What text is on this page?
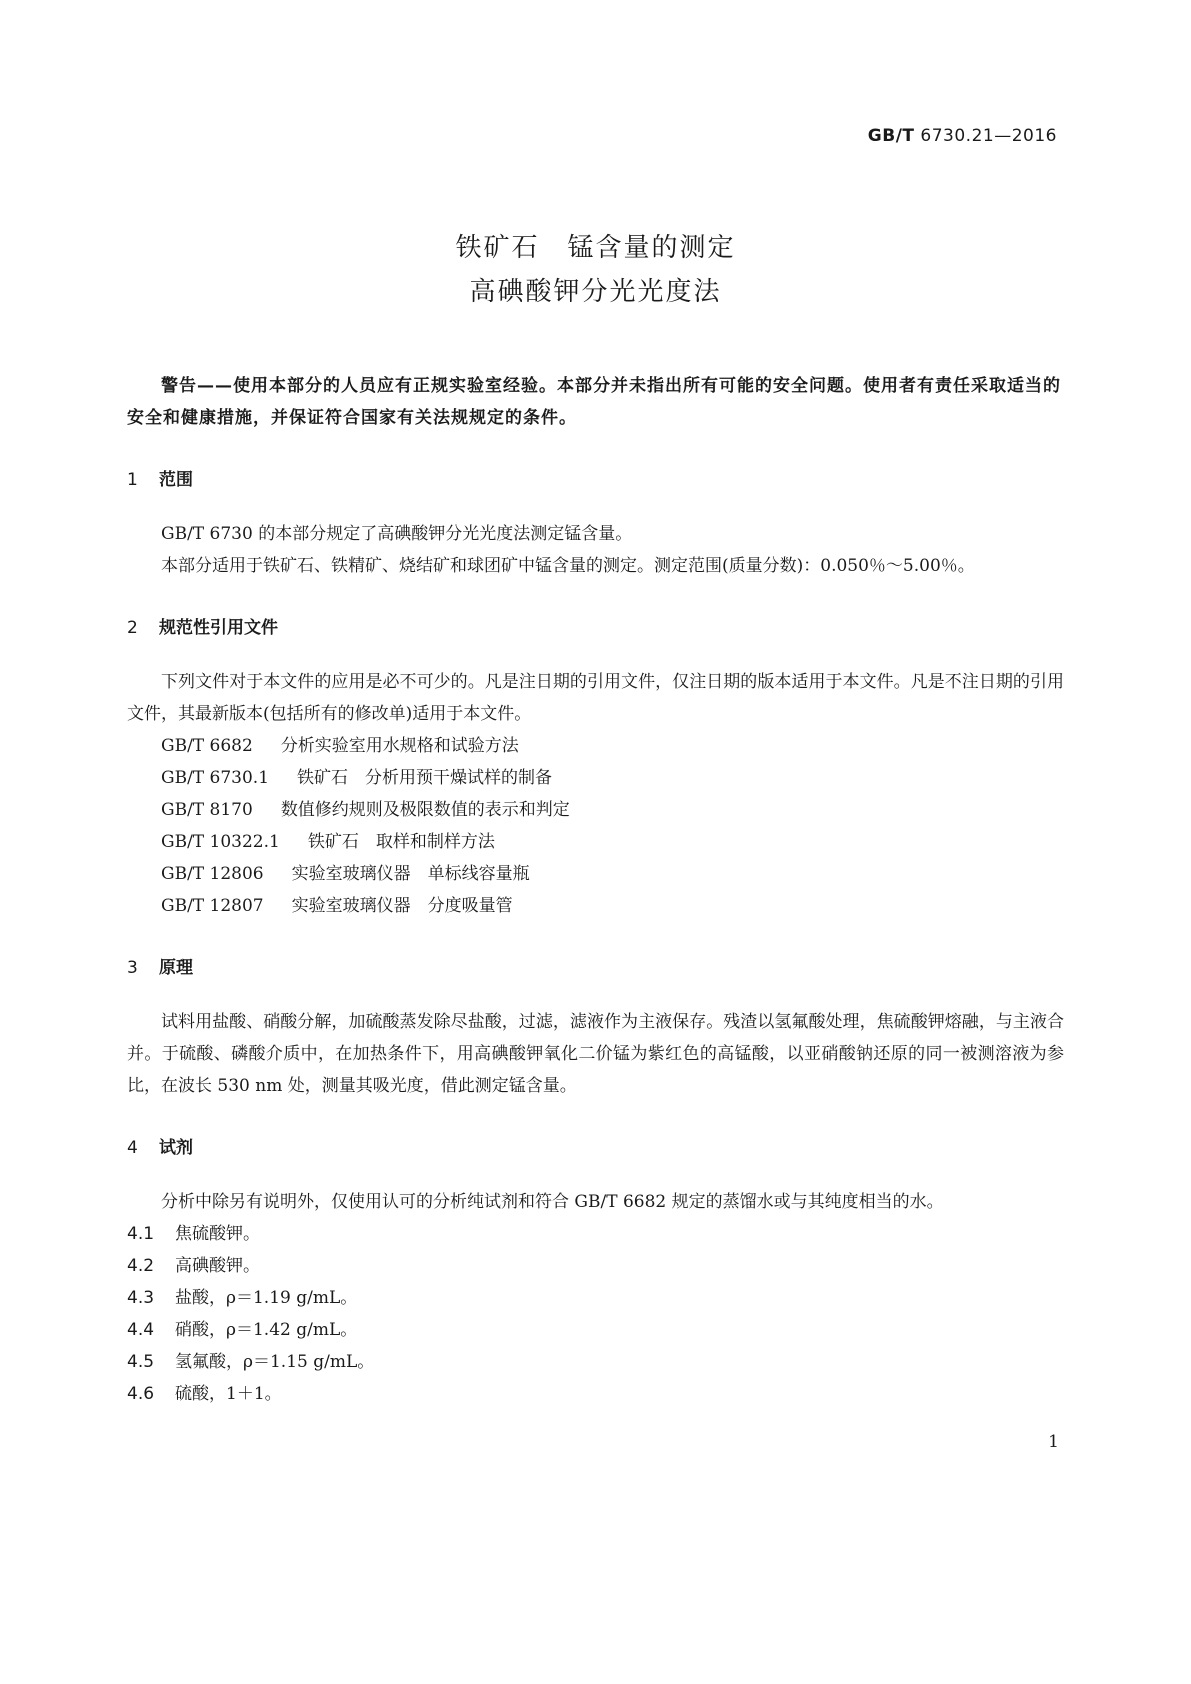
GB/T 6730.21—2016
铁矿石　锰含量的测定
高碘酸钾分光光度法

警告——使用本部分的人员应有正规实验室经验。本部分并未指出所有可能的安全问题。使用者有责任采取适当的安全和健康措施，并保证符合国家有关法规规定的条件。

1 范围

GB/T 6730 的本部分规定了高碘酸钾分光光度法测定锰含量。

本部分适用于铁矿石、铁精矿、烧结矿和球团矿中锰含量的测定。测定范围(质量分数)：0.050％～5.00％。

2 规范性引用文件

下列文件对于本文件的应用是必不可少的。凡是注日期的引用文件，仅注日期的版本适用于本文件。凡是不注日期的引用文件，其最新版本(包括所有的修改单)适用于本文件。

GB/T 6682 分析实验室用水规格和试验方法

GB/T 6730.1 铁矿石　分析用预干燥试样的制备

GB/T 8170 数值修约规则及极限数值的表示和判定

GB/T 10322.1 铁矿石　取样和制样方法

GB/T 12806 实验室玻璃仪器　单标线容量瓶

GB/T 12807 实验室玻璃仪器　分度吸量管

3 原理

试料用盐酸、硝酸分解，加硫酸蒸发除尽盐酸，过滤，滤液作为主液保存。残渣以氢氟酸处理，焦硫酸钾熔融，与主液合并。于硫酸、磷酸介质中，在加热条件下，用高碘酸钾氧化二价锰为紫红色的高锰酸，以亚硝酸钠还原的同一被测溶液为参比，在波长 530 nm 处，测量其吸光度，借此测定锰含量。

4 试剂

分析中除另有说明外，仅使用认可的分析纯试剂和符合 GB/T 6682 规定的蒸馏水或与其纯度相当的水。

4.1 焦硫酸钾。

4.2 高碘酸钾。

4.3 盐酸，ρ＝1.19 g/mL。

4.4 硝酸，ρ＝1.42 g/mL。

4.5 氢氟酸，ρ＝1.15 g/mL。

4.6 硫酸，1＋1。

1
